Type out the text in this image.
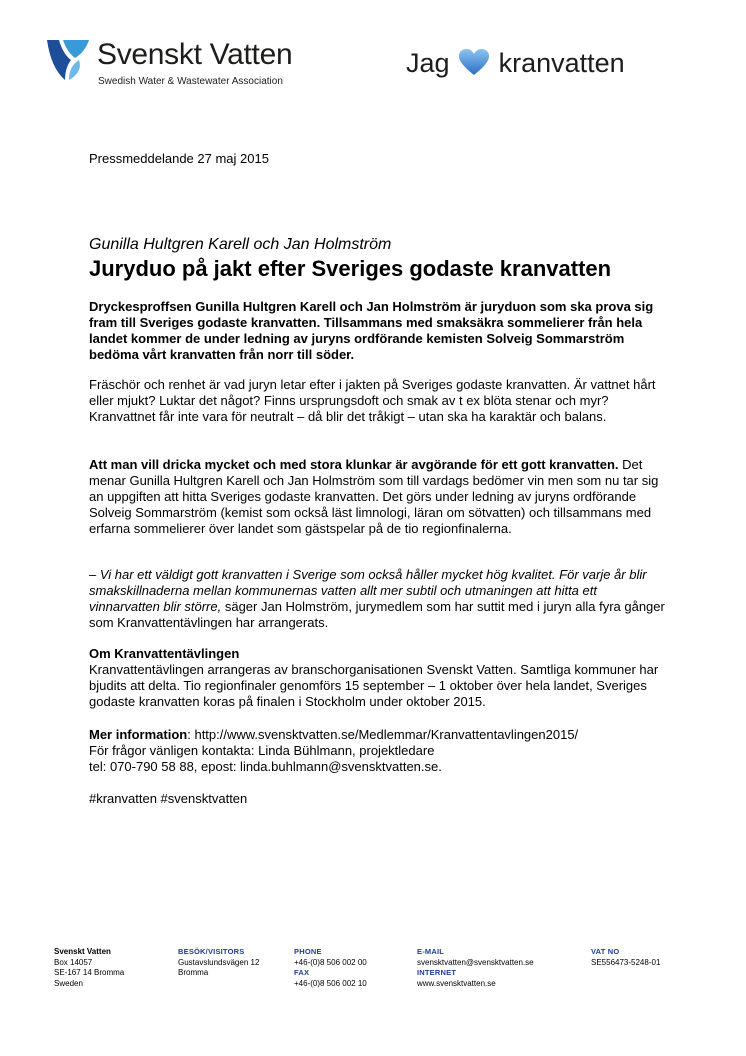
Svenskt Vatten
Swedish Water & Wastewater Association
Jag kranvatten
Pressmeddelande 27 maj 2015
Gunilla Hultgren Karell och Jan Holmström
Juryduo på jakt efter Sveriges godaste kranvatten
Dryckesproffsen Gunilla Hultgren Karell och Jan Holmström är juryduon som ska prova sig fram till Sveriges godaste kranvatten. Tillsammans med smaksäkra sommelierer från hela landet kommer de under ledning av juryns ordförande kemisten Solveig Sommarström bedöma vårt kranvatten från norr till söder.
Fräschör och renhet är vad juryn letar efter i jakten på Sveriges godaste kranvatten. Är vattnet hårt eller mjukt? Luktar det något? Finns ursprungsdoft och smak av t ex blöta stenar och myr? Kranvattnet får inte vara för neutralt – då blir det tråkigt – utan ska ha karaktär och balans.
Att man vill dricka mycket och med stora klunkar är avgörande för ett gott kranvatten. Det menar Gunilla Hultgren Karell och Jan Holmström som till vardags bedömer vin men som nu tar sig an uppgiften att hitta Sveriges godaste kranvatten. Det görs under ledning av juryns ordförande Solveig Sommarström (kemist som också läst limnologi, läran om sötvatten) och tillsammans med erfarna sommelierer över landet som gästspelar på de tio regionfinalerna.
– Vi har ett väldigt gott kranvatten i Sverige som också håller mycket hög kvalitet. För varje år blir smakskillnaderna mellan kommunernas vatten allt mer subtil och utmaningen att hitta ett vinnarvatten blir större, säger Jan Holmström, jurymedlem som har suttit med i juryn alla fyra gånger som Kranvattentävlingen har arrangerats.
Om Kranvattentävlingen
Kranvattentävlingen arrangeras av branschorganisationen Svenskt Vatten. Samtliga kommuner har bjudits att delta. Tio regionfinaler genomförs 15 september – 1 oktober över hela landet, Sveriges godaste kranvatten koras på finalen i Stockholm under oktober 2015.
Mer information: http://www.svensktvatten.se/Medlemmar/Kranvattentavlingen2015/
För frågor vänligen kontakta: Linda Bühlmann, projektledare
tel: 070-790 58 88, epost: linda.buhlmann@svensktvatten.se.
#kranvatten #svensktvatten
Svenskt Vatten
Box 14057
SE-167 14 Bromma
Sweden
BESÖK/VISITORS
Gustavslundsvägen 12
Bromma
PHONE
+46-(0)8 506 002 00
FAX
+46-(0)8 506 002 10
E-MAIL
svensktvatten@svensktvatten.se
INTERNET
www.svensktvatten.se
VAT NO
SE556473-5248-01
